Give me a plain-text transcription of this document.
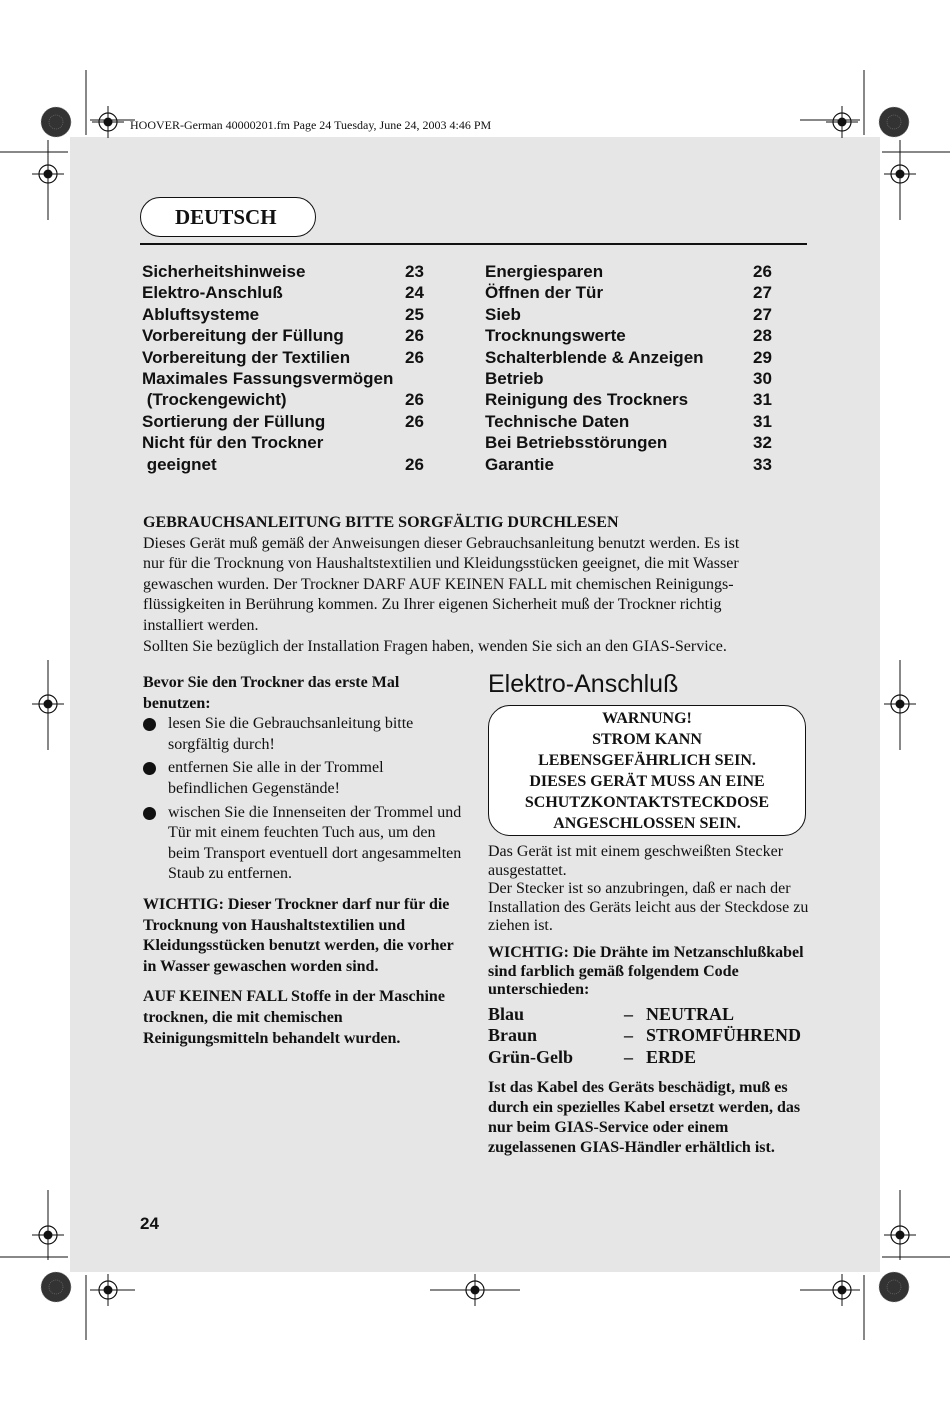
HOOVER-German 40000201.fm Page 24 Tuesday, June 24, 2003 4:46 PM
DEUTSCH
Sicherheitshinweise	23
Elektro-Anschluß	24
Abluftsysteme	25
Vorbereitung der Füllung	26
Vorbereitung der Textilien	26
Maximales Fassungsvermögen
(Trockengewicht)	26
Sortierung der Füllung	26
Nicht für den Trockner
geeignet	26
Energiesparen	26
Öffnen der Tür	27
Sieb	27
Trocknungswerte	28
Schalterblende & Anzeigen	29
Betrieb	30
Reinigung des Trockners	31
Technische Daten	31
Bei Betriebsstörungen	32
Garantie	33
GEBRAUCHSANLEITUNG BITTE SORGFÄLTIG DURCHLESEN

Dieses Gerät muß gemäß der Anweisungen dieser Gebrauchsanleitung benutzt werden. Es ist

nur für die Trocknung von Haushaltstextilien und Kleidungsstücken geeignet, die mit Wasser

gewaschen wurden. Der Trockner DARF AUF KEINEN FALL mit chemischen Reinigungs-

flüssigkeiten in Berührung kommen. Zu Ihrer eigenen Sicherheit muß der Trockner richtig

installiert werden.

Sollten Sie bezüglich der Installation Fragen haben, wenden Sie sich an den GIAS-Service.

Bevor Sie den Trockner das erste Mal benutzen:

lesen Sie die Gebrauchsanleitung bitte sorgfältig durch!
entfernen Sie alle in der Trommel befindlichen Gegenstände!
wischen Sie die Innenseiten der Trommel und Tür mit einem feuchten Tuch aus, um den beim Transport eventuell dort angesammelten Staub zu entfernen.

WICHTIG: Dieser Trockner darf nur für die Trocknung von Haushaltstextilien und Kleidungsstücken benutzt werden, die vorher in Wasser gewaschen worden sind.

AUF KEINEN FALL Stoffe in der Maschine trocknen, die mit chemischen Reinigungsmitteln behandelt wurden.

Elektro-Anschluß
WARNUNG!
STROM KANN
LEBENSGEFÄHRLICH SEIN.
DIESES GERÄT MUSS AN EINE
SCHUTZKONTAKTSTECKDOSE
ANGESCHLOSSEN SEIN.

Das Gerät ist mit einem geschweißten Stecker ausgestattet.

Der Stecker ist so anzubringen, daß er nach der Installation des Geräts leicht aus der Steckdose zu ziehen ist.

WICHTIG: Die Drähte im Netzanschlußkabel sind farblich gemäß folgendem Code unterschieden:

Blau	– NEUTRAL
Braun	– STROMFÜHREND
Grün-Gelb	– ERDE

Ist das Kabel des Geräts beschädigt, muß es durch ein spezielles Kabel ersetzt werden, das nur beim GIAS-Service oder einem zugelassenen GIAS-Händler erhältlich ist.

24
